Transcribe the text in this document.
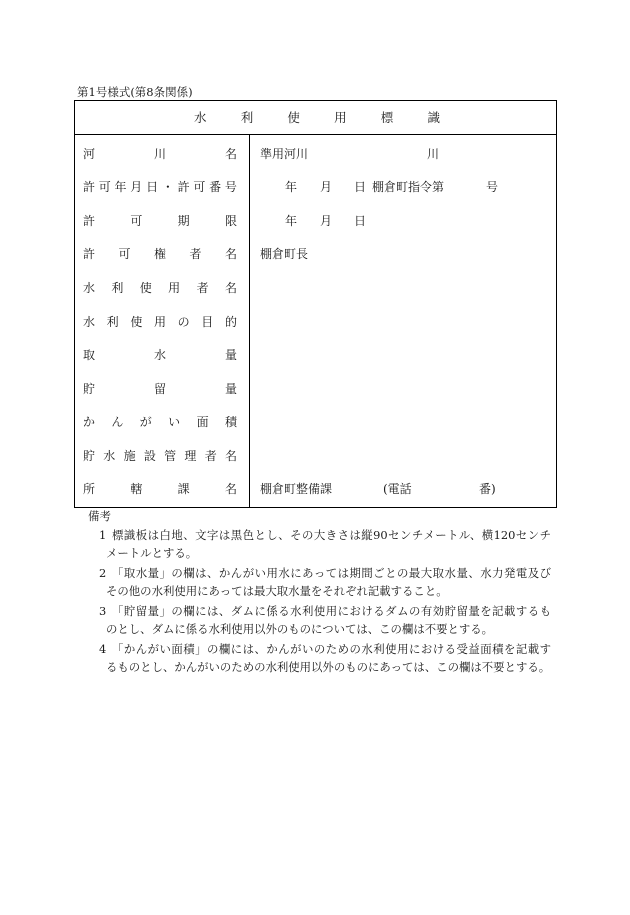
第1号様式(第8条関係)
水	利	使	用	標	識
河	川	名 準用河川	川
許 可 年 月 日 ・ 許 可 番 号	年 月 日 棚倉町指令第	号
許	可	期	限	年 月 日
許 可 権 者 名 棚倉町長
水 利 使 用 者 名
水 利 使 用 の 目 的
取	水	量
貯	留	量
か ん が い 面 積
貯 水 施 設 管 理 者 名
所	轄	課	名 棚倉町整備課	(電話	番)
備考
1 標識板は白地、文字は黒色とし、その大きさは縦90センチメートル、横120センチ
メートルとする。
2 「取水量」の欄は、かんがい用水にあっては期間ごとの最大取水量、水力発電及び
その他の水利使用にあっては最大取水量をそれぞれ記載すること。
3 「貯留量」の欄には、ダムに係る水利使用におけるダムの有効貯留量を記載するも
のとし、ダムに係る水利使用以外のものについては、この欄は不要とする。
4 「かんがい面積」の欄には、かんがいのための水利使用における受益面積を記載す
るものとし、かんがいのための水利使用以外のものにあっては、この欄は不要とする。
